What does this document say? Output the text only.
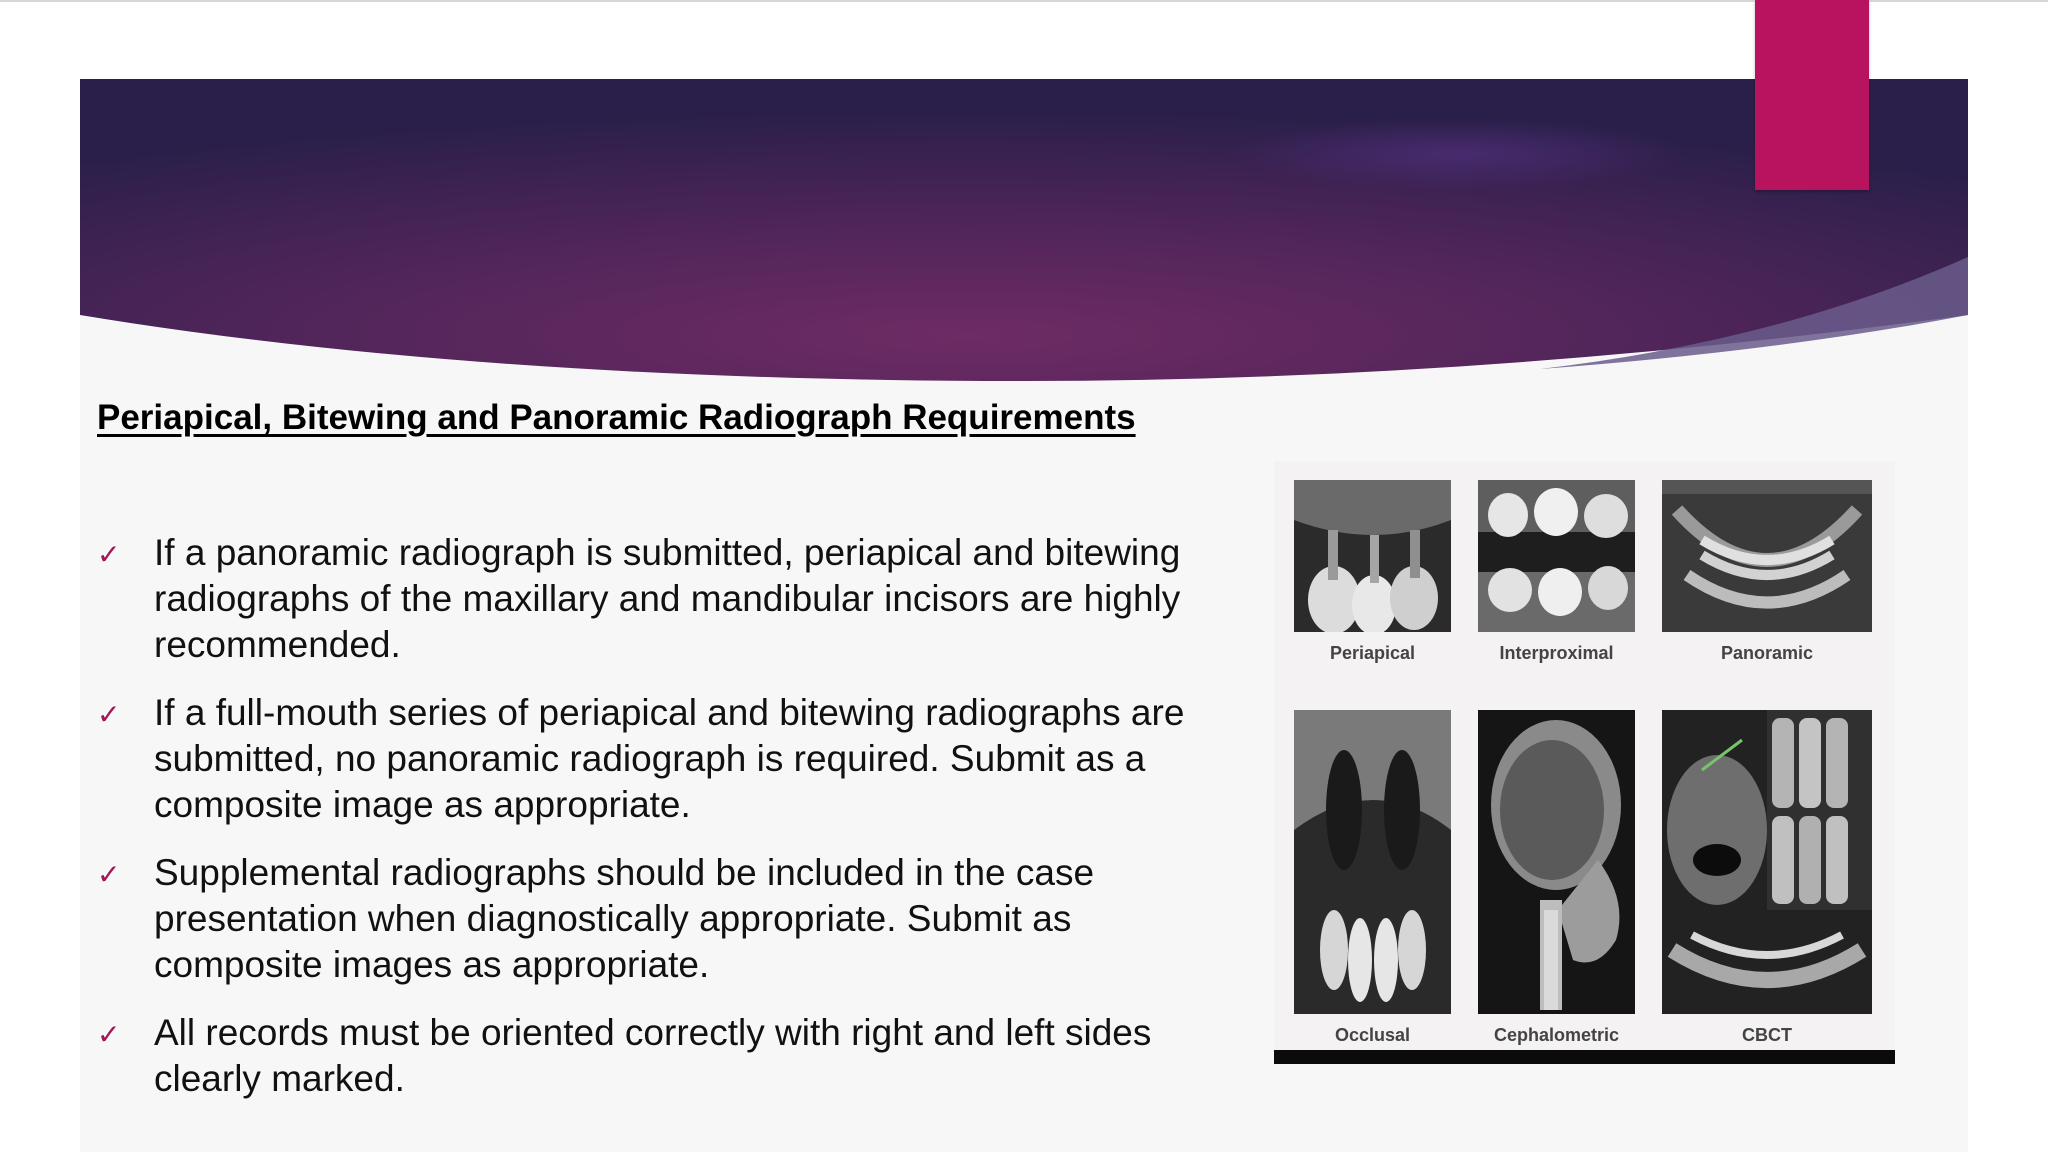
Periapical, Bitewing and Panoramic Radiograph Requirements
✓ If a panoramic radiograph is submitted, periapical and bitewing radiographs of the maxillary and mandibular incisors are highly recommended.
✓ If a full-mouth series of periapical and bitewing radiographs are submitted, no panoramic radiograph is required. Submit as a composite image as appropriate.
✓ Supplemental radiographs should be included in the case presentation when diagnostically appropriate. Submit as composite images as appropriate.
✓ All records must be oriented correctly with right and left sides clearly marked.
Periapical	Interproximal	Panoramic
Occlusal	Cephalometric	CBCT
